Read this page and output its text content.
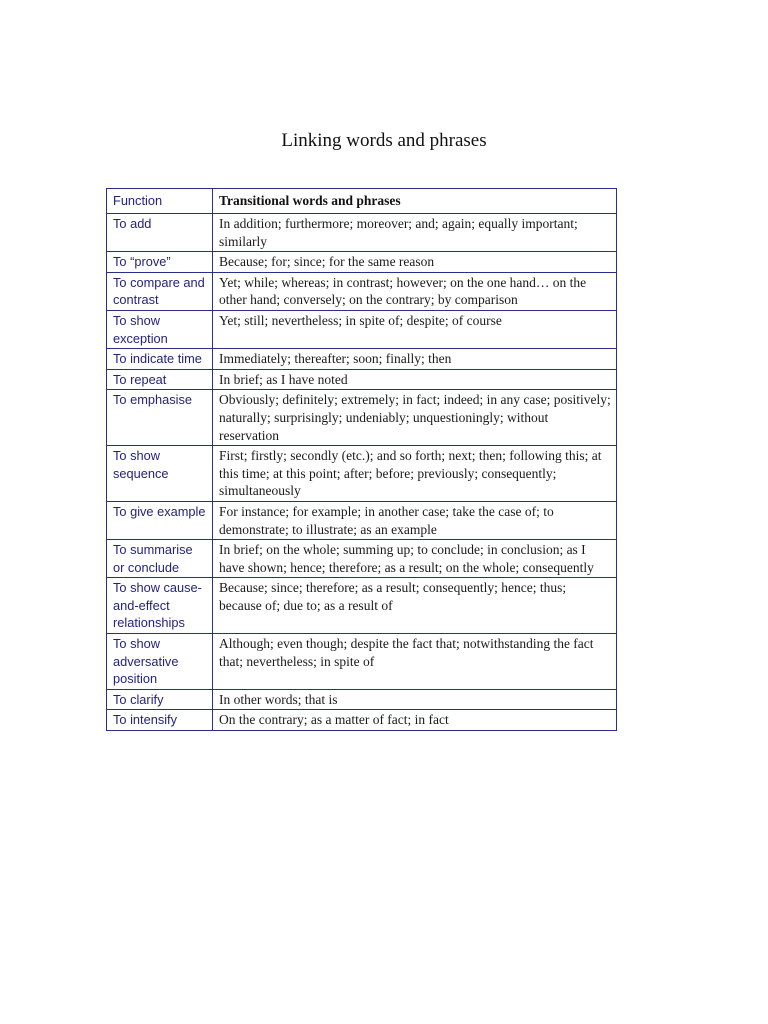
Linking words and phrases
Function	Transitional words and phrases
To add	In addition; furthermore; moreover; and; again; equally important; similarly
To “prove”	Because; for; since; for the same reason
To compare and contrast	Yet; while; whereas; in contrast; however; on the one hand… on the other hand; conversely; on the contrary; by comparison
To show exception	Yet; still; nevertheless; in spite of; despite; of course
To indicate time	Immediately; thereafter; soon; finally; then
To repeat	In brief; as I have noted
To emphasise	Obviously; definitely; extremely; in fact; indeed; in any case; positively; naturally; surprisingly; undeniably; unquestioningly; without reservation
To show sequence	First; firstly; secondly (etc.); and so forth; next; then; following this; at this time; at this point; after; before; previously; consequently; simultaneously
To give example	For instance; for example; in another case; take the case of; to demonstrate; to illustrate; as an example
To summarise or conclude	In brief; on the whole; summing up; to conclude; in conclusion; as I have shown; hence; therefore; as a result; on the whole; consequently
To show cause-and-effect relationships	Because; since; therefore; as a result; consequently; hence; thus; because of; due to; as a result of
To show adversative position	Although; even though; despite the fact that; notwithstanding the fact that; nevertheless; in spite of
To clarify	In other words; that is
To intensify	On the contrary; as a matter of fact; in fact
